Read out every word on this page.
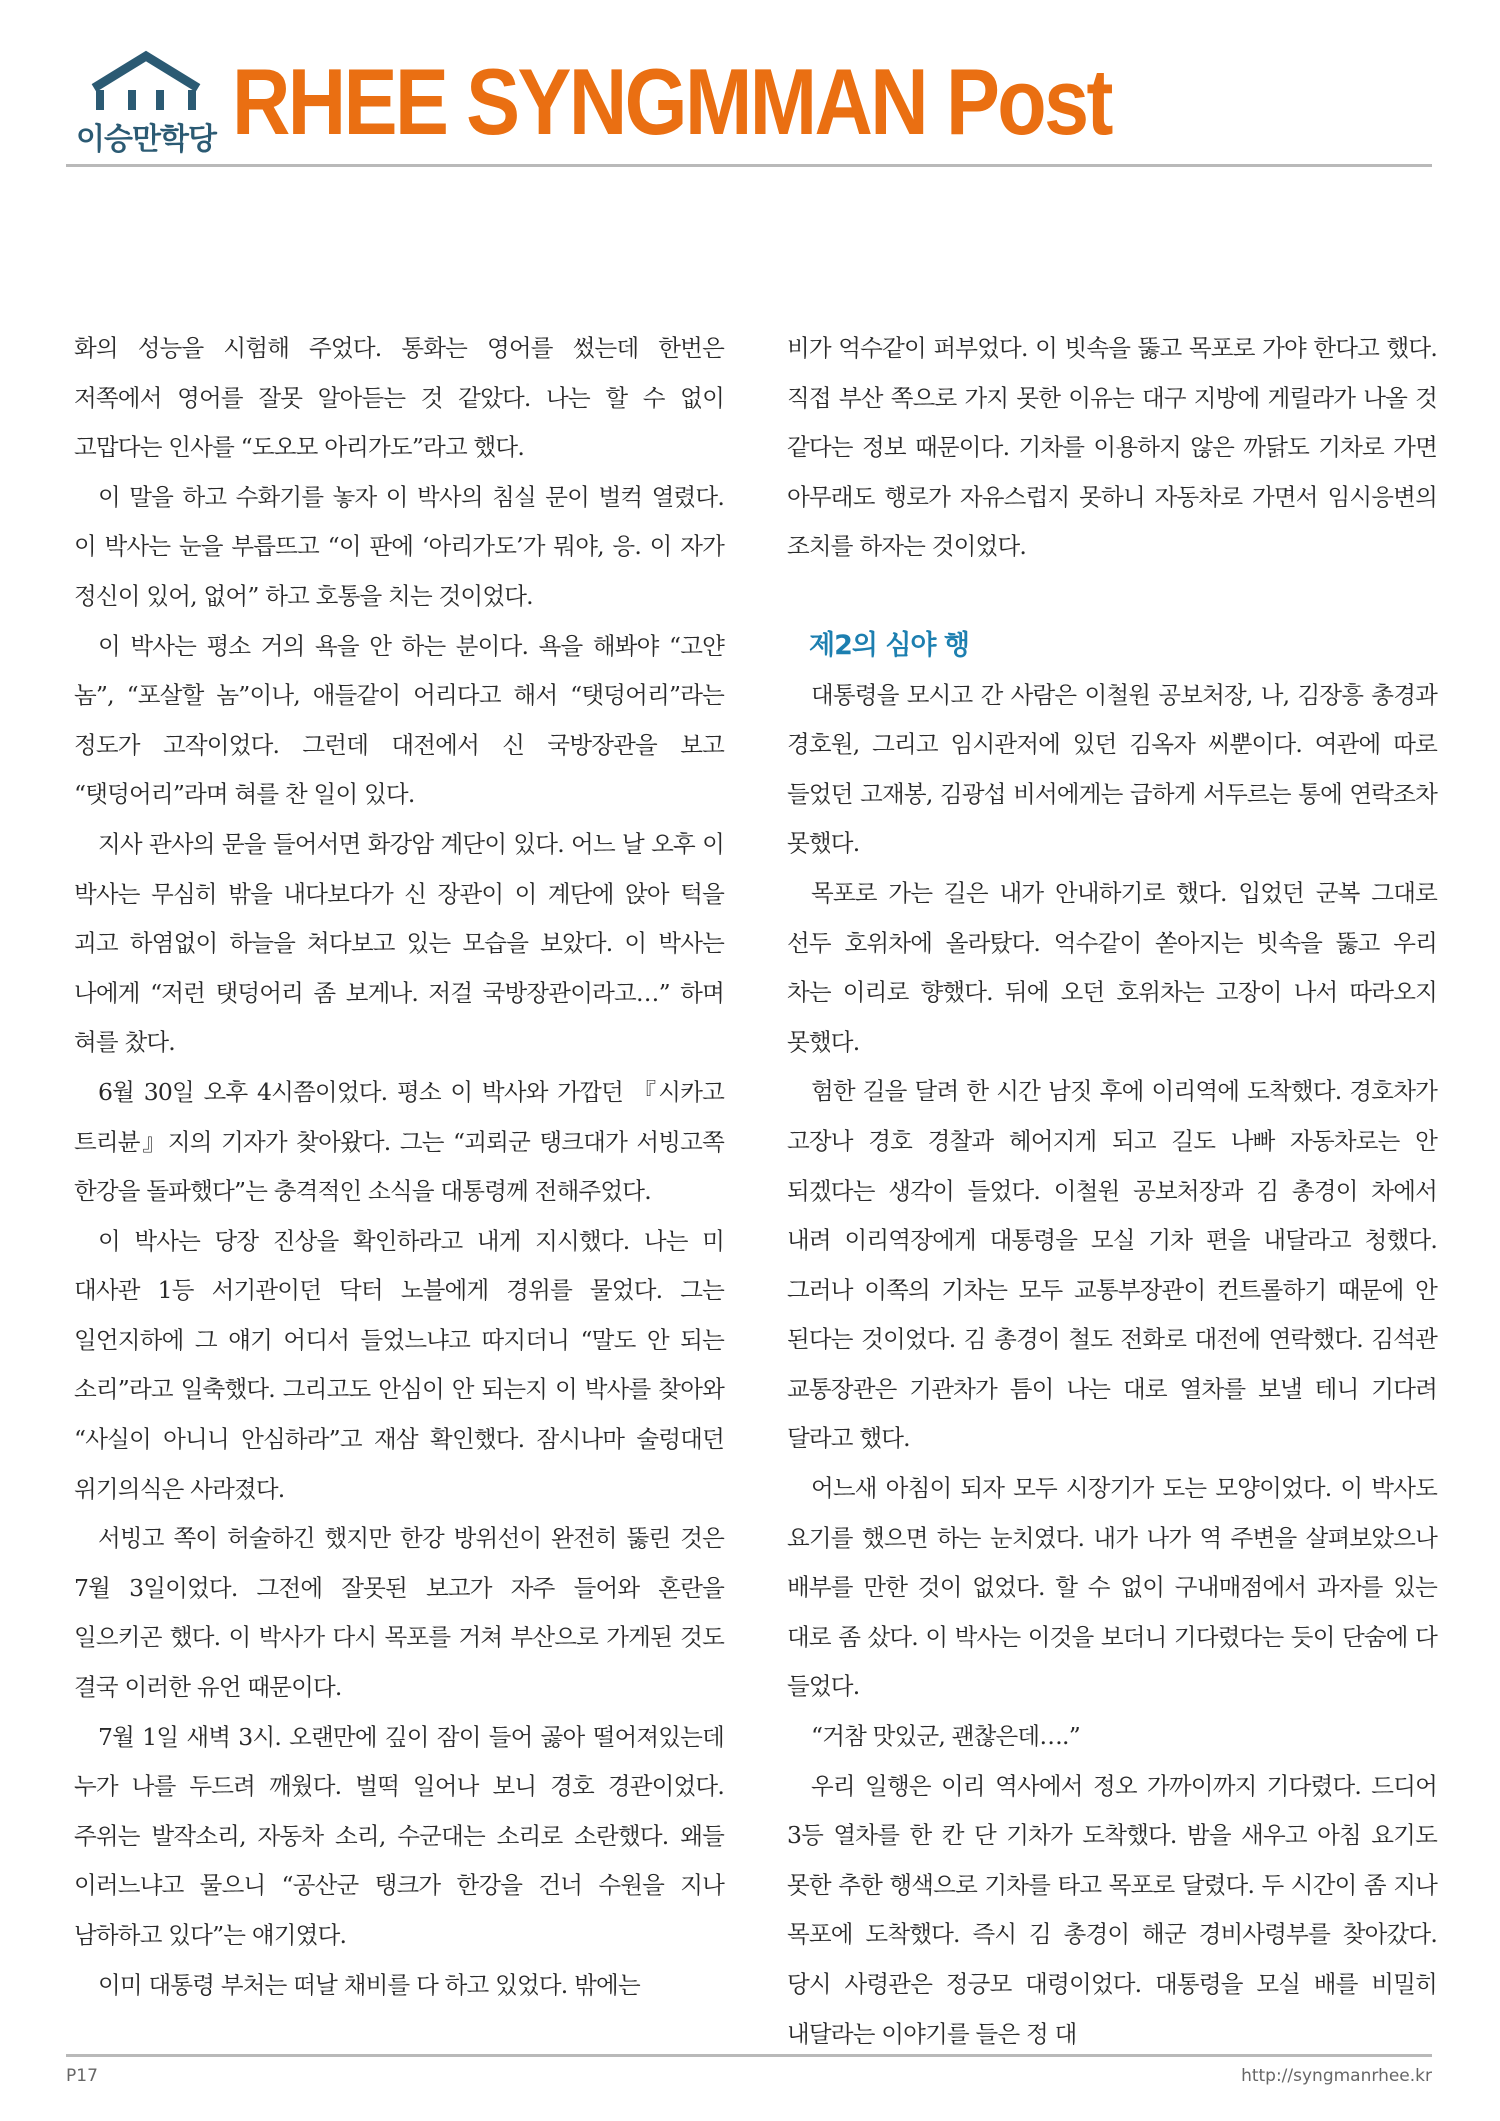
이승만학당 RHEE SYNGMMAN Post

화의 성능을 시험해 주었다. 통화는 영어를 썼는데 한번은 저쪽에서 영어를 잘못 알아듣는 것 같았다. 나는 할 수 없이 고맙다는 인사를 “도오모 아리가도”라고 했다.

이 말을 하고 수화기를 놓자 이 박사의 침실 문이 벌컥 열렸다. 이 박사는 눈을 부릅뜨고 “이 판에 ‘아리가도’가 뭐야, 응. 이 자가 정신이 있어, 없어” 하고 호통을 치는 것이었다.

이 박사는 평소 거의 욕을 안 하는 분이다. 욕을 해봐야 “고얀 놈”, “포살할 놈”이나, 애들같이 어리다고 해서 “탯덩어리”라는 정도가 고작이었다. 그런데 대전에서 신 국방장관을 보고 “탯덩어리”라며 혀를 찬 일이 있다.

지사 관사의 문을 들어서면 화강암 계단이 있다. 어느 날 오후 이 박사는 무심히 밖을 내다보다가 신 장관이 이 계단에 앉아 턱을 괴고 하염없이 하늘을 쳐다보고 있는 모습을 보았다. 이 박사는 나에게 “저런 탯덩어리 좀 보게나. 저걸 국방장관이라고…” 하며 혀를 찼다.

6월 30일 오후 4시쯤이었다. 평소 이 박사와 가깝던 『시카고 트리뷴』지의 기자가 찾아왔다. 그는 “괴뢰군 탱크대가 서빙고쪽 한강을 돌파했다”는 충격적인 소식을 대통령께 전해주었다.

이 박사는 당장 진상을 확인하라고 내게 지시했다. 나는 미 대사관 1등 서기관이던 닥터 노블에게 경위를 물었다. 그는 일언지하에 그 얘기 어디서 들었느냐고 따지더니 “말도 안 되는 소리”라고 일축했다. 그리고도 안심이 안 되는지 이 박사를 찾아와 “사실이 아니니 안심하라”고 재삼 확인했다. 잠시나마 술렁대던 위기의식은 사라졌다.

서빙고 쪽이 허술하긴 했지만 한강 방위선이 완전히 뚫린 것은 7월 3일이었다. 그전에 잘못된 보고가 자주 들어와 혼란을 일으키곤 했다. 이 박사가 다시 목포를 거쳐 부산으로 가게된 것도 결국 이러한 유언 때문이다.

7월 1일 새벽 3시. 오랜만에 깊이 잠이 들어 곯아 떨어져있는데 누가 나를 두드려 깨웠다. 벌떡 일어나 보니 경호 경관이었다. 주위는 발작소리, 자동차 소리, 수군대는 소리로 소란했다. 왜들 이러느냐고 물으니 “공산군 탱크가 한강을 건너 수원을 지나 남하하고 있다”는 얘기였다.

이미 대통령 부처는 떠날 채비를 다 하고 있었다. 밖에는

비가 억수같이 퍼부었다. 이 빗속을 뚫고 목포로 가야 한다고 했다. 직접 부산 쪽으로 가지 못한 이유는 대구 지방에 게릴라가 나올 것 같다는 정보 때문이다. 기차를 이용하지 않은 까닭도 기차로 가면 아무래도 행로가 자유스럽지 못하니 자동차로 가면서 임시응변의 조치를 하자는 것이었다.

제2의 심야 행

대통령을 모시고 간 사람은 이철원 공보처장, 나, 김장흥 총경과 경호원, 그리고 임시관저에 있던 김옥자 씨뿐이다. 여관에 따로 들었던 고재봉, 김광섭 비서에게는 급하게 서두르는 통에 연락조차 못했다.

목포로 가는 길은 내가 안내하기로 했다. 입었던 군복 그대로 선두 호위차에 올라탔다. 억수같이 쏟아지는 빗속을 뚫고 우리 차는 이리로 향했다. 뒤에 오던 호위차는 고장이 나서 따라오지 못했다.

험한 길을 달려 한 시간 남짓 후에 이리역에 도착했다. 경호차가 고장나 경호 경찰과 헤어지게 되고 길도 나빠 자동차로는 안 되겠다는 생각이 들었다. 이철원 공보처장과 김 총경이 차에서 내려 이리역장에게 대통령을 모실 기차 편을 내달라고 청했다. 그러나 이쪽의 기차는 모두 교통부장관이 컨트롤하기 때문에 안 된다는 것이었다. 김 총경이 철도 전화로 대전에 연락했다. 김석관 교통장관은 기관차가 틈이 나는 대로 열차를 보낼 테니 기다려 달라고 했다.

어느새 아침이 되자 모두 시장기가 도는 모양이었다. 이 박사도 요기를 했으면 하는 눈치였다. 내가 나가 역 주변을 살펴보았으나 배부를 만한 것이 없었다. 할 수 없이 구내매점에서 과자를 있는 대로 좀 샀다. 이 박사는 이것을 보더니 기다렸다는 듯이 단숨에 다 들었다.

“거참 맛있군, 괜찮은데….”

우리 일행은 이리 역사에서 정오 가까이까지 기다렸다. 드디어 3등 열차를 한 칸 단 기차가 도착했다. 밤을 새우고 아침 요기도 못한 추한 행색으로 기차를 타고 목포로 달렸다. 두 시간이 좀 지나 목포에 도착했다. 즉시 김 총경이 해군 경비사령부를 찾아갔다. 당시 사령관은 정긍모 대령이었다. 대통령을 모실 배를 비밀히 내달라는 이야기를 들은 정 대

P17	http://syngmanrhee.kr
